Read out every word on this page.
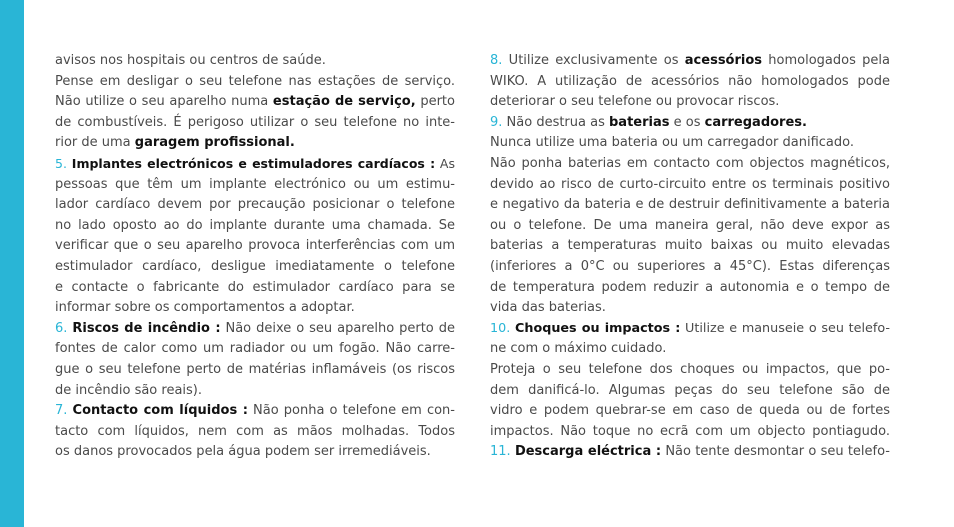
avisos nos hospitais ou centros de saúde.
Pense em desligar o seu telefone nas estações de serviço.
Não utilize o seu aparelho numa estação de serviço, perto
de combustíveis. É perigoso utilizar o seu telefone no inte-
rior de uma garagem profissional.
5. Implantes electrónicos e estimuladores cardíacos : As
pessoas que têm um implante electrónico ou um estimu-
lador cardíaco devem por precaução posicionar o telefone
no lado oposto ao do implante durante uma chamada. Se
verificar que o seu aparelho provoca interferências com um
estimulador cardíaco, desligue imediatamente o telefone
e contacte o fabricante do estimulador cardíaco para se
informar sobre os comportamentos a adoptar.
6. Riscos de incêndio : Não deixe o seu aparelho perto de
fontes de calor como um radiador ou um fogão. Não carre-
gue o seu telefone perto de matérias inflamáveis (os riscos
de incêndio são reais).
7. Contacto com líquidos : Não ponha o telefone em con-
tacto com líquidos, nem com as mãos molhadas. Todos
os danos provocados pela água podem ser irremediáveis.
8. Utilize exclusivamente os acessórios homologados pela
WIKO. A utilização de acessórios não homologados pode
deteriorar o seu telefone ou provocar riscos.
9. Não destrua as baterias e os carregadores.
Nunca utilize uma bateria ou um carregador danificado.
Não ponha baterias em contacto com objectos magnéticos,
devido ao risco de curto-circuito entre os terminais positivo
e negativo da bateria e de destruir definitivamente a bateria
ou o telefone. De uma maneira geral, não deve expor as
baterias a temperaturas muito baixas ou muito elevadas
(inferiores a 0°C ou superiores a 45°C). Estas diferenças
de temperatura podem reduzir a autonomia e o tempo de
vida das baterias.
10. Choques ou impactos : Utilize e manuseie o seu telefo-
ne com o máximo cuidado.
Proteja o seu telefone dos choques ou impactos, que po-
dem danificá-lo. Algumas peças do seu telefone são de
vidro e podem quebrar-se em caso de queda ou de fortes
impactos. Não toque no ecrã com um objecto pontiagudo.
11. Descarga eléctrica : Não tente desmontar o seu telefo-
